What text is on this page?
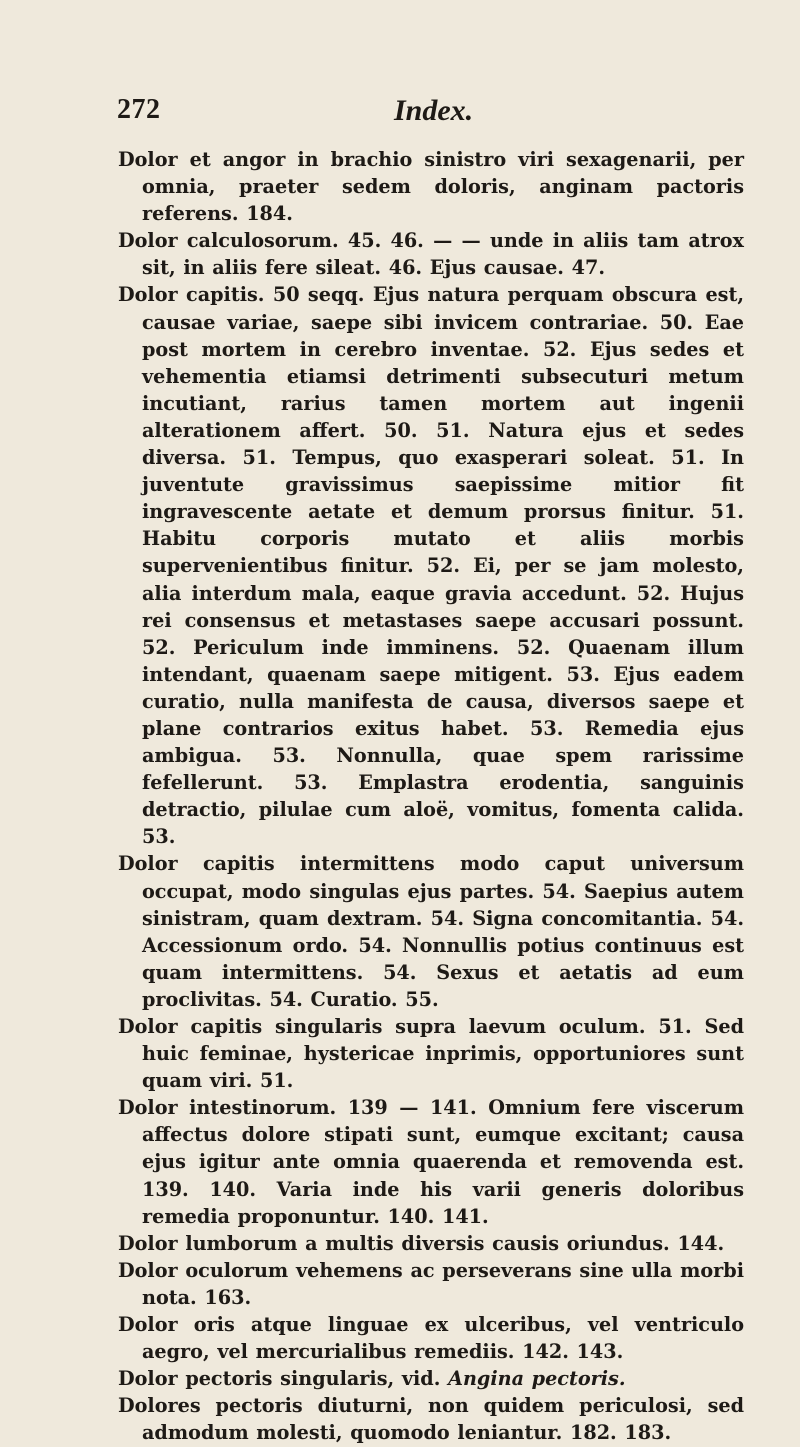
272	Index.

Dolor et angor in brachio sinistro viri sexagenarii, per omnia, praeter sedem doloris, anginam pactoris referens. 184.

Dolor calculosorum. 45. 46. — — unde in aliis tam atrox sit, in aliis fere sileat. 46. Ejus causae. 47.

Dolor capitis. 50 seqq. Ejus natura perquam obscura est, causae variae, saepe sibi invicem contrariae. 50. Eae post mortem in cerebro inventae. 52. Ejus sedes et vehementia etiamsi detrimenti subsecuturi metum incutiant, rarius tamen mortem aut ingenii alterationem affert. 50. 51. Natura ejus et sedes diversa. 51. Tempus, quo exasperari soleat. 51. In juventute gravissimus saepissime mitior fit ingravescente aetate et demum prorsus finitur. 51. Habitu corporis mutato et aliis morbis supervenientibus finitur. 52. Ei, per se jam molesto, alia interdum mala, eaque gravia accedunt. 52. Hujus rei consensus et metastases saepe accusari possunt. 52. Periculum inde imminens. 52. Quaenam illum intendant, quaenam saepe mitigent. 53. Ejus eadem curatio, nulla manifesta de causa, diversos saepe et plane contrarios exitus habet. 53. Remedia ejus ambigua. 53. Nonnulla, quae spem rarissime fefellerunt. 53. Emplastra erodentia, sanguinis detractio, pilulae cum aloë, vomitus, fomenta calida. 53.

Dolor capitis intermittens modo caput universum occupat, modo singulas ejus partes. 54. Saepius autem sinistram, quam dextram. 54. Signa concomitantia. 54. Accessionum ordo. 54. Nonnullis potius continuus est quam intermittens. 54. Sexus et aetatis ad eum proclivitas. 54. Curatio. 55.

Dolor capitis singularis supra laevum oculum. 51. Sed huic feminae, hystericae inprimis, opportuniores sunt quam viri. 51.

Dolor intestinorum. 139 — 141. Omnium fere viscerum affectus dolore stipati sunt, eumque excitant; causa ejus igitur ante omnia quaerenda et removenda est. 139. 140. Varia inde his varii generis doloribus remedia proponuntur. 140. 141.

Dolor lumborum a multis diversis causis oriundus. 144.

Dolor oculorum vehemens ac perseverans sine ulla morbi nota. 163.

Dolor oris atque linguae ex ulceribus, vel ventriculo aegro, vel mercurialibus remediis. 142. 143.

Dolor pectoris singularis, vid. Angina pectoris.

Dolores pectoris diuturni, non quidem periculosi, sed admodum molesti, quomodo leniantur. 182. 183.
